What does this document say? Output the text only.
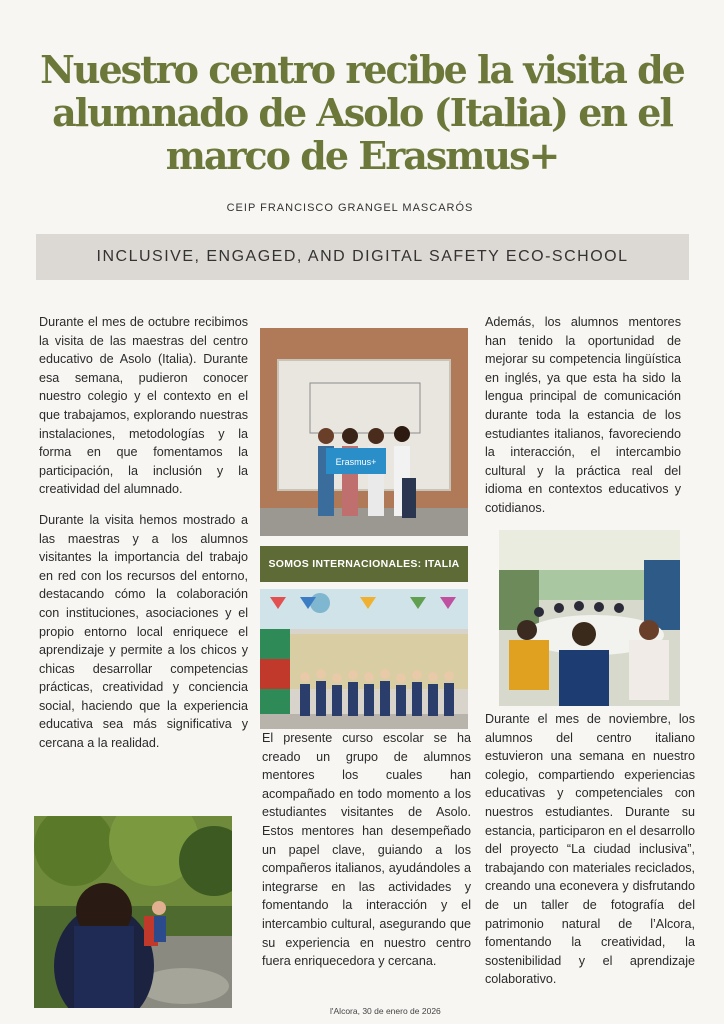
Nuestro centro recibe la visita de alumnado de Asolo (Italia) en el marco de Erasmus+
CEIP FRANCISCO GRANGEL MASCARÓS
INCLUSIVE, ENGAGED, AND DIGITAL SAFETY ECO-SCHOOL

Durante el mes de octubre recibimos la visita de las maestras del centro educativo de Asolo (Italia). Durante esa semana, pudieron conocer nuestro colegio y el contexto en el que trabajamos, explorando nuestras instalaciones, metodologías y la forma en que fomentamos la participación, la inclusión y la creatividad del alumnado.

Durante la visita hemos mostrado a las maestras y a los alumnos visitantes la importancia del trabajo en red con los recursos del entorno, destacando cómo la colaboración con instituciones, asociaciones y el propio entorno local enriquece el aprendizaje y permite a los chicos y chicas desarrollar competencias prácticas, creatividad y conciencia social, haciendo que la experiencia educativa sea más significativa y cercana a la realidad.

Erasmus+
SOMOS INTERNACIONALES: ITALIA

El presente curso escolar se ha creado un grupo de alumnos mentores los cuales han acompañado en todo momento a los estudiantes visitantes de Asolo. Estos mentores han desempeñado un papel clave, guiando a los compañeros italianos, ayudándoles a integrarse en las actividades y fomentando la interacción y el intercambio cultural, asegurando que su experiencia en nuestro centro fuera enriquecedora y cercana.

Además, los alumnos mentores han tenido la oportunidad de mejorar su competencia lingüística en inglés, ya que esta ha sido la lengua principal de comunicación durante toda la estancia de los estudiantes italianos, favoreciendo la interacción, el intercambio cultural y la práctica real del idioma en contextos educativos y cotidianos.

Durante el mes de noviembre, los alumnos del centro italiano estuvieron una semana en nuestro colegio, compartiendo experiencias educativas y competenciales con nuestros estudiantes. Durante su estancia, participaron en el desarrollo del proyecto “La ciudad inclusiva”, trabajando con materiales reciclados, creando una econevera y disfrutando de un taller de fotografía del patrimonio natural de l’Alcora, fomentando la creatividad, la sostenibilidad y el aprendizaje colaborativo.

l'Alcora, 30 de enero de 2026
